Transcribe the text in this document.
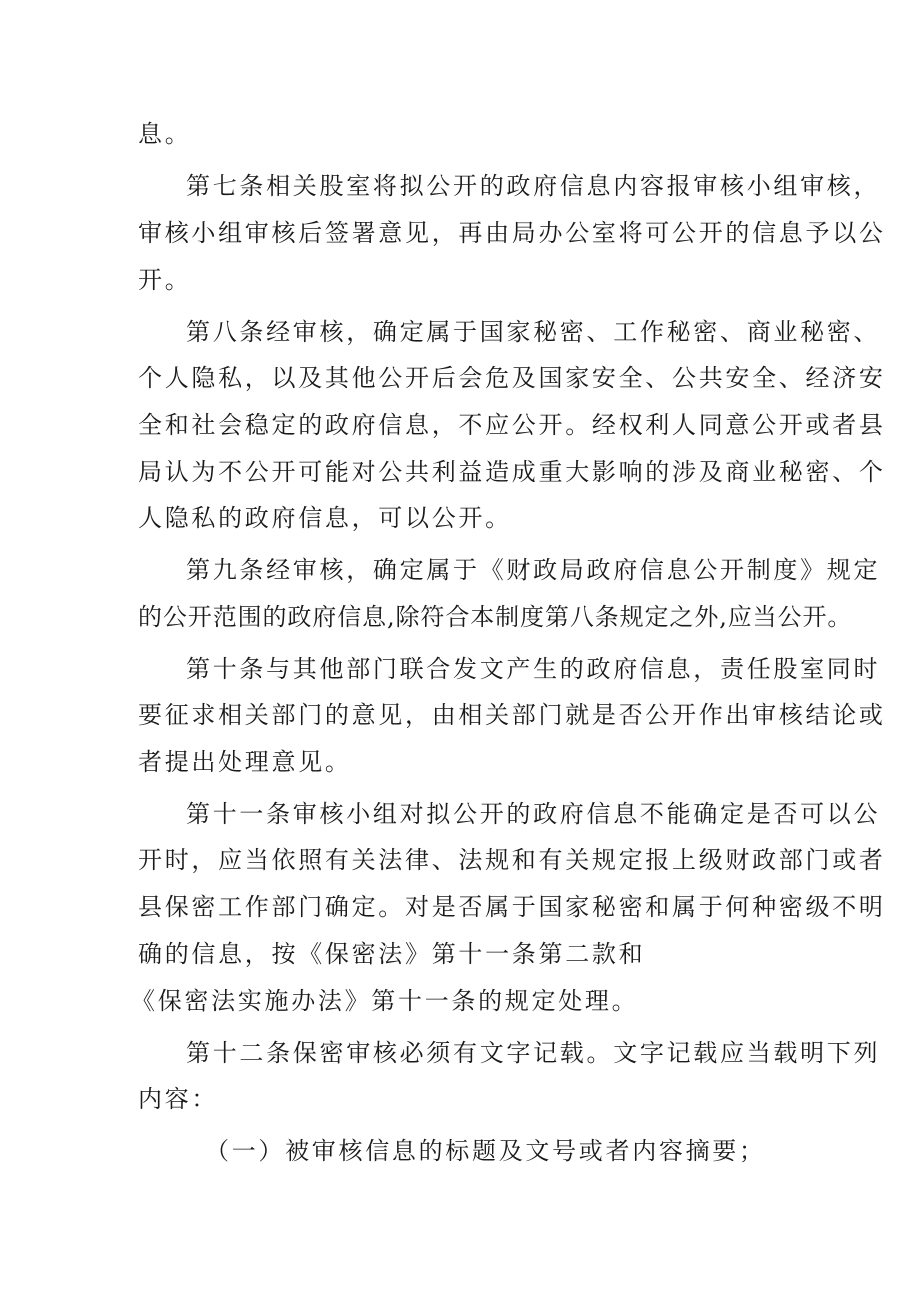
息。
第七条相关股室将拟公开的政府信息内容报审核小组审核，
审核小组审核后签署意见，再由局办公室将可公开的信息予以公
开。
第八条经审核，确定属于国家秘密、工作秘密、商业秘密、
个人隐私，以及其他公开后会危及国家安全、公共安全、经济安
全和社会稳定的政府信息，不应公开。经权利人同意公开或者县
局认为不公开可能对公共利益造成重大影响的涉及商业秘密、个
人隐私的政府信息，可以公开。
第九条经审核，确定属于《财政局政府信息公开制度》规定
的公开范围的政府信息,除符合本制度第八条规定之外,应当公开。
第十条与其他部门联合发文产生的政府信息，责任股室同时
要征求相关部门的意见，由相关部门就是否公开作出审核结论或
者提出处理意见。
第十一条审核小组对拟公开的政府信息不能确定是否可以公
开时，应当依照有关法律、法规和有关规定报上级财政部门或者
县保密工作部门确定。对是否属于国家秘密和属于何种密级不明
确的信息，按《保密法》第十一条第二款和
《保密法实施办法》第十一条的规定处理。
第十二条保密审核必须有文字记载。文字记载应当载明下列
内容：
（一）被审核信息的标题及文号或者内容摘要；
